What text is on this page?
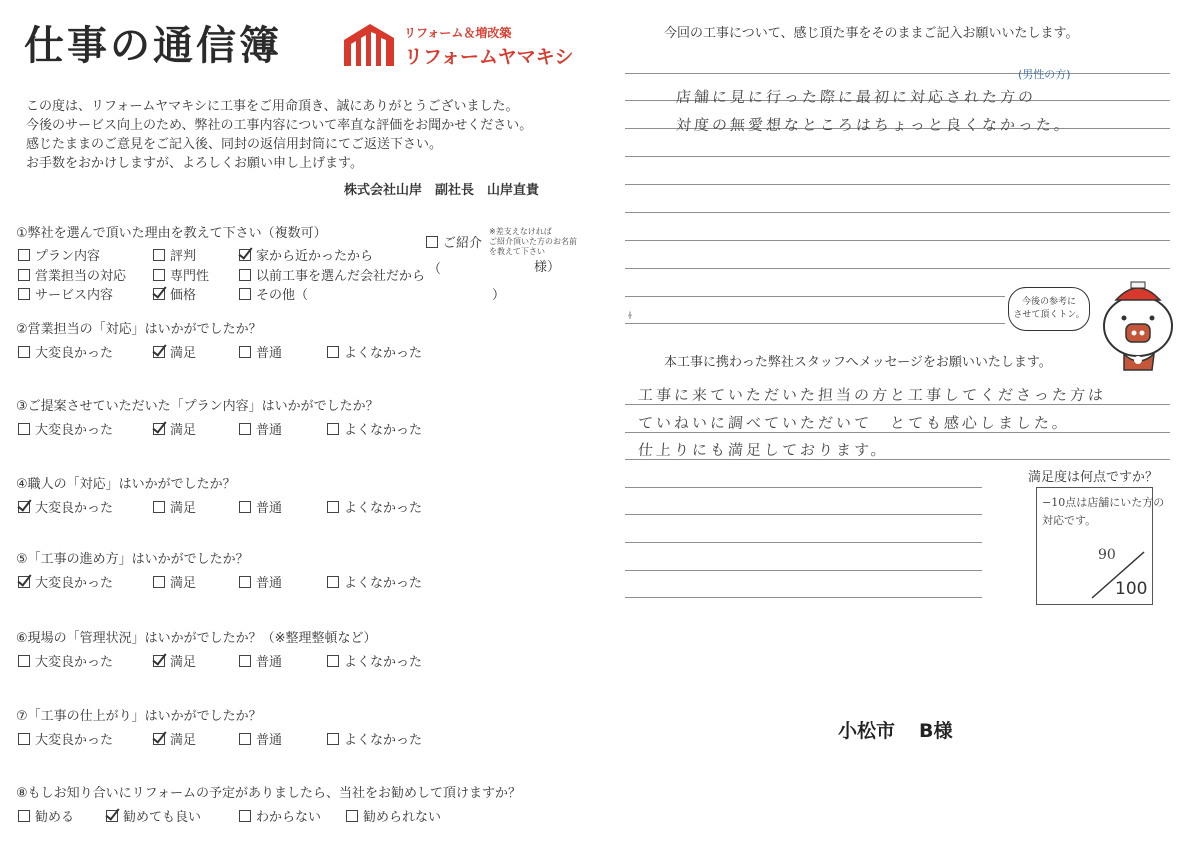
仕事の通信簿	リフォーム＆増改築
リフォームヤマキシ
この度は、リフォームヤマキシに工事をご用命頂き、誠にありがとうございました。
今後のサービス向上のため、弊社の工事内容について率直な評価をお聞かせください。
感じたままのご意見をご記入後、同封の返信用封筒にてご返送下さい。
お手数をおかけしますが、よろしくお願い申し上げます。
株式会社山岸　副社長　山岸直貴
①弊社を選んで頂いた理由を教えて下さい（複数可）
プラン内容	評判	家から近かったから
営業担当の対応	専門性	以前工事を選んだ会社だから
サービス内容	価格	その他（	）
ご紹介
※差支えなければ
ご紹介頂いた方のお名前
を教えて下さい
（	様）
②営業担当の「対応」はいかがでしたか？
大変良かった	満足	普通	よくなかった
③ご提案させていただいた「プラン内容」はいかがでしたか？
大変良かった	満足	普通	よくなかった
④職人の「対応」はいかがでしたか？
大変良かった	満足	普通	よくなかった
⑤「工事の進め方」はいかがでしたか？
大変良かった	満足	普通	よくなかった
⑥現場の「管理状況」はいかがでしたか？（※整理整頓など）
大変良かった	満足	普通	よくなかった
⑦「工事の仕上がり」はいかがでしたか？
大変良かった	満足	普通	よくなかった
⑧もしお知り合いにリフォームの予定がありましたら、当社をお勧めして頂けますか？
勧める	勧めても良い	わからない	勧められない
今回の工事について、感じ頂た事をそのままご記入お願いいたします。
ɫ
(男性の方)
店舗に見に行った際に最初に対応された方の
対度の無愛想なところはちょっと良くなかった。
今後の参考に
させて頂くトン。
本工事に携わった弊社スタッフへメッセージをお願いいたします。
工事に来ていただいた担当の方と工事してくださった方は
ていねいに調べていただいて　とても感心しました。
仕上りにも満足しております。
満足度は何点ですか？
−10点は店舗にいた方の
対応です。
90
100
小松市 B様
